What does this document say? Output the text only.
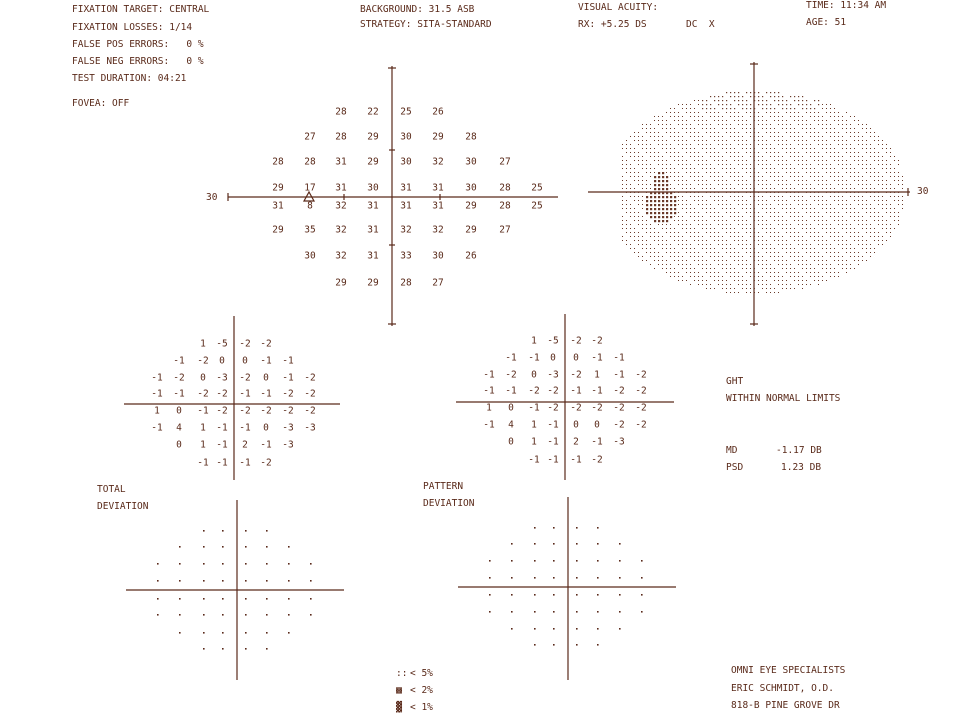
FIXATION TARGET: CENTRAL
FIXATION LOSSES: 1/14
FALSE POS ERRORS:   0 %
FALSE NEG ERRORS:   0 %
TEST DURATION: 04:21
FOVEA: OFF
BACKGROUND: 31.5 ASB
STRATEGY: SITA-STANDARD
VISUAL ACUITY:
RX: +5.25 DS	DC  X
TIME: 11:34 AM
AGE: 51
30
28 22 25 26
27 28 29 30 29 28
28 28 31 29 30 32 30 27
29 17 31 30 31 31 30 28 25
31 8 32 31 31 31 29 28 25
29 35 32 31 32 32 29 27
30 32 31 33 30 26
29 29 28 27
30
1 -5 -2 -2
-1 -2 0 0 -1 -1
-1 -2 0 -3 -2 0 -1 -2
-1 -1 -2 -2 -1 -1 -2 -2
1 0 -1 -2 -2 -2 -2 -2
-1 4 1 -1 -1 0 -3 -3
0 1 -1 2 -1 -3
-1 -1 -1 -2
TOTAL
DEVIATION
1 -5 -2 -2
-1 -1 0 0 -1 -1
-1 -2 0 -3 -2 1 -1 -2
-1 -1 -2 -2 -1 -1 -2 -2
1 0 -1 -2 -2 -2 -2 -2
-1 4 1 -1 0 0 -2 -2
0 1 -1 2 -1 -3
-1 -1 -1 -2
PATTERN
DEVIATION
GHT
WITHIN NORMAL LIMITS
MD	-1.17 DB
PSD	1.23 DB
:: < 5%
▩ < 2%
▓ < 1%
OMNI EYE SPECIALISTS
ERIC SCHMIDT, O.D.
818-B PINE GROVE DR
